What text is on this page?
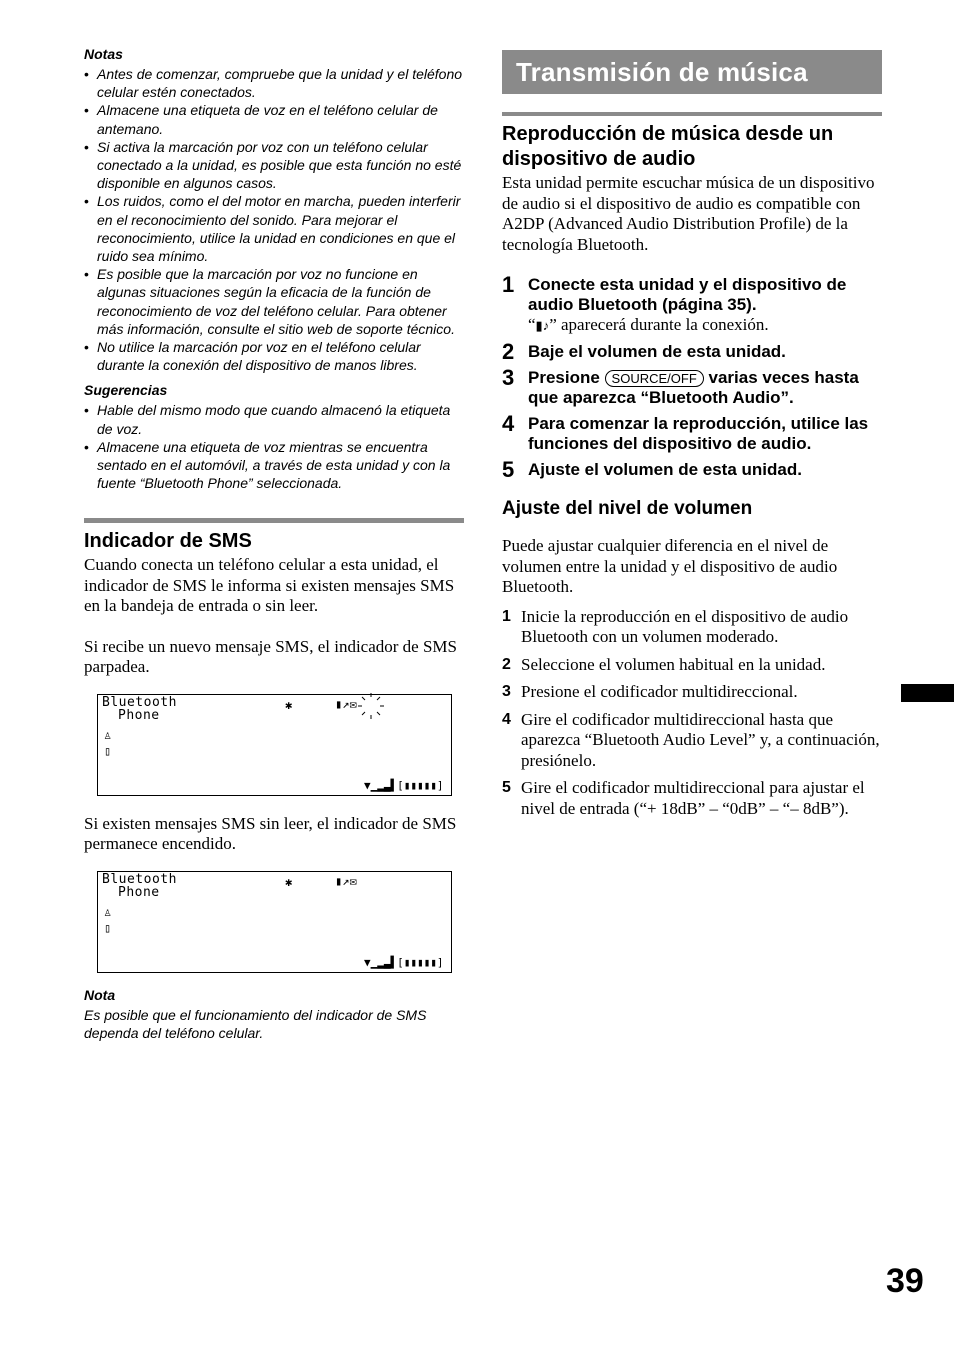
Notas
• Antes de comenzar, compruebe que la unidad y el teléfono celular estén conectados.
• Almacene una etiqueta de voz en el teléfono celular de antemano.
• Si activa la marcación por voz con un teléfono celular conectado a la unidad, es posible que esta función no esté disponible en algunos casos.
• Los ruidos, como el del motor en marcha, pueden interferir en el reconocimiento del sonido. Para mejorar el reconocimiento, utilice la unidad en condiciones en que el ruido sea mínimo.
• Es posible que la marcación por voz no funcione en algunas situaciones según la eficacia de la función de reconocimiento de voz del teléfono celular. Para obtener más información, consulte el sitio web de soporte técnico.
• No utilice la marcación por voz en el teléfono celular durante la conexión del dispositivo de manos libres.
Sugerencias
• Hable del mismo modo que cuando almacenó la etiqueta de voz.
• Almacene una etiqueta de voz mientras se encuentra sentado en el automóvil, a través de esta unidad y con la fuente “Bluetooth Phone” seleccionada.
Indicador de SMS

Cuando conecta un teléfono celular a esta unidad, el indicador de SMS le informa si existen mensajes SMS en la bandeja de entrada o sin leer.

Si recibe un nuevo mensaje SMS, el indicador de SMS parpadea.

Bluetooth
Phone
✱	▮↗✉
♙
▯
▼▁▂▃▌[▮▮▮▮▮]

Si existen mensajes SMS sin leer, el indicador de SMS permanece encendido.

Bluetooth
Phone
✱	▮↗✉
♙
▯
▼▁▂▃▌[▮▮▮▮▮]
Nota
Es posible que el funcionamiento del indicador de SMS dependa del teléfono celular.
Transmisión de música
Reproducción de música desde un dispositivo de audio

Esta unidad permite escuchar música de un dispositivo de audio si el dispositivo de audio es compatible con A2DP (Advanced Audio Distribution Profile) de la tecnología Bluetooth.

1 Conecte esta unidad y el dispositivo de audio Bluetooth (página 35).
“▮♪” aparecerá durante la conexión.
2 Baje el volumen de esta unidad.
3 Presione SOURCE/OFF varias veces hasta que aparezca “Bluetooth Audio”.
4 Para comenzar la reproducción, utilice las funciones del dispositivo de audio.
5 Ajuste el volumen de esta unidad.
Ajuste del nivel de volumen

Puede ajustar cualquier diferencia en el nivel de volumen entre la unidad y el dispositivo de audio Bluetooth.

1 Inicie la reproducción en el dispositivo de audio Bluetooth con un volumen moderado.
2 Seleccione el volumen habitual en la unidad.
3 Presione el codificador multidireccional.
4 Gire el codificador multidireccional hasta que aparezca “Bluetooth Audio Level” y, a continuación, presiónelo.
5 Gire el codificador multidireccional para ajustar el nivel de entrada (“+ 18dB” – “0dB” – “– 8dB”).
39
